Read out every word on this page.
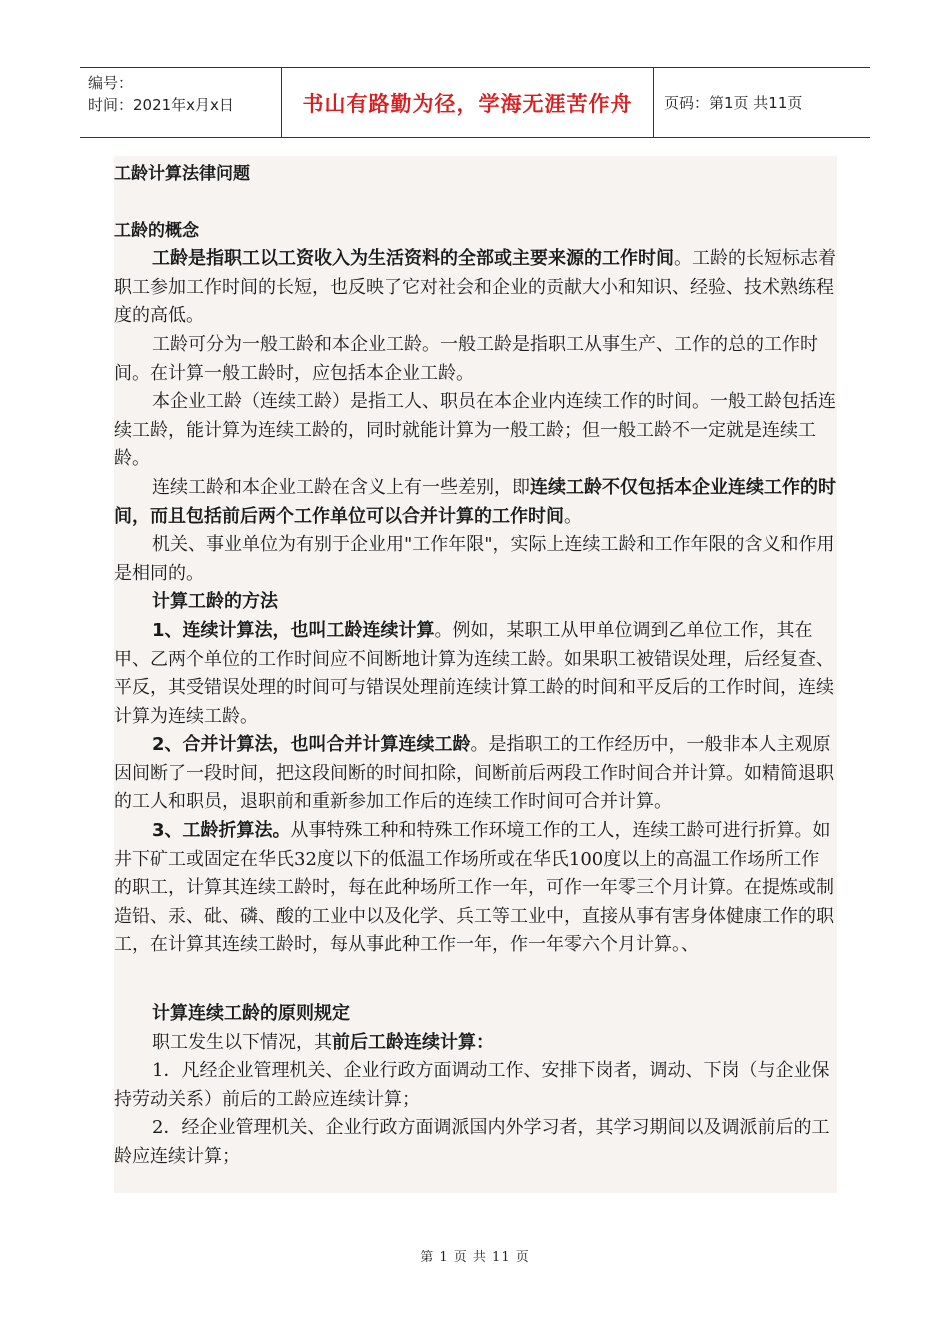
编号：
时间：2021年x月x日	书山有路勤为径，学海无涯苦作舟	页码：第1页 共11页

工龄计算法律问题

工龄的概念

工龄是指职工以工资收入为生活资料的全部或主要来源的工作时间。工龄的长短标志着职工参加工作时间的长短，也反映了它对社会和企业的贡献大小和知识、经验、技术熟练程度的高低。

工龄可分为一般工龄和本企业工龄。一般工龄是指职工从事生产、工作的总的工作时间。在计算一般工龄时，应包括本企业工龄。

本企业工龄（连续工龄）是指工人、职员在本企业内连续工作的时间。一般工龄包括连续工龄，能计算为连续工龄的，同时就能计算为一般工龄；但一般工龄不一定就是连续工龄。

连续工龄和本企业工龄在含义上有一些差别，即连续工龄不仅包括本企业连续工作的时间，而且包括前后两个工作单位可以合并计算的工作时间。

机关、事业单位为有别于企业用"工作年限"，实际上连续工龄和工作年限的含义和作用是相同的。

计算工龄的方法

1、连续计算法，也叫工龄连续计算。例如，某职工从甲单位调到乙单位工作，其在甲、乙两个单位的工作时间应不间断地计算为连续工龄。如果职工被错误处理，后经复查、平反，其受错误处理的时间可与错误处理前连续计算工龄的时间和平反后的工作时间，连续计算为连续工龄。

2、合并计算法，也叫合并计算连续工龄。是指职工的工作经历中，一般非本人主观原因间断了一段时间，把这段间断的时间扣除，间断前后两段工作时间合并计算。如精简退职的工人和职员，退职前和重新参加工作后的连续工作时间可合并计算。

3、工龄折算法。从事特殊工种和特殊工作环境工作的工人，连续工龄可进行折算。如井下矿工或固定在华氏32度以下的低温工作场所或在华氏100度以上的高温工作场所工作的职工，计算其连续工龄时，每在此种场所工作一年，可作一年零三个月计算。在提炼或制造铅、汞、砒、磷、酸的工业中以及化学、兵工等工业中，直接从事有害身体健康工作的职工，在计算其连续工龄时，每从事此种工作一年，作一年零六个月计算。、

计算连续工龄的原则规定

职工发生以下情况，其前后工龄连续计算：

1．凡经企业管理机关、企业行政方面调动工作、安排下岗者，调动、下岗（与企业保持劳动关系）前后的工龄应连续计算；

2．经企业管理机关、企业行政方面调派国内外学习者，其学习期间以及调派前后的工龄应连续计算；

第 1 页 共 11 页
